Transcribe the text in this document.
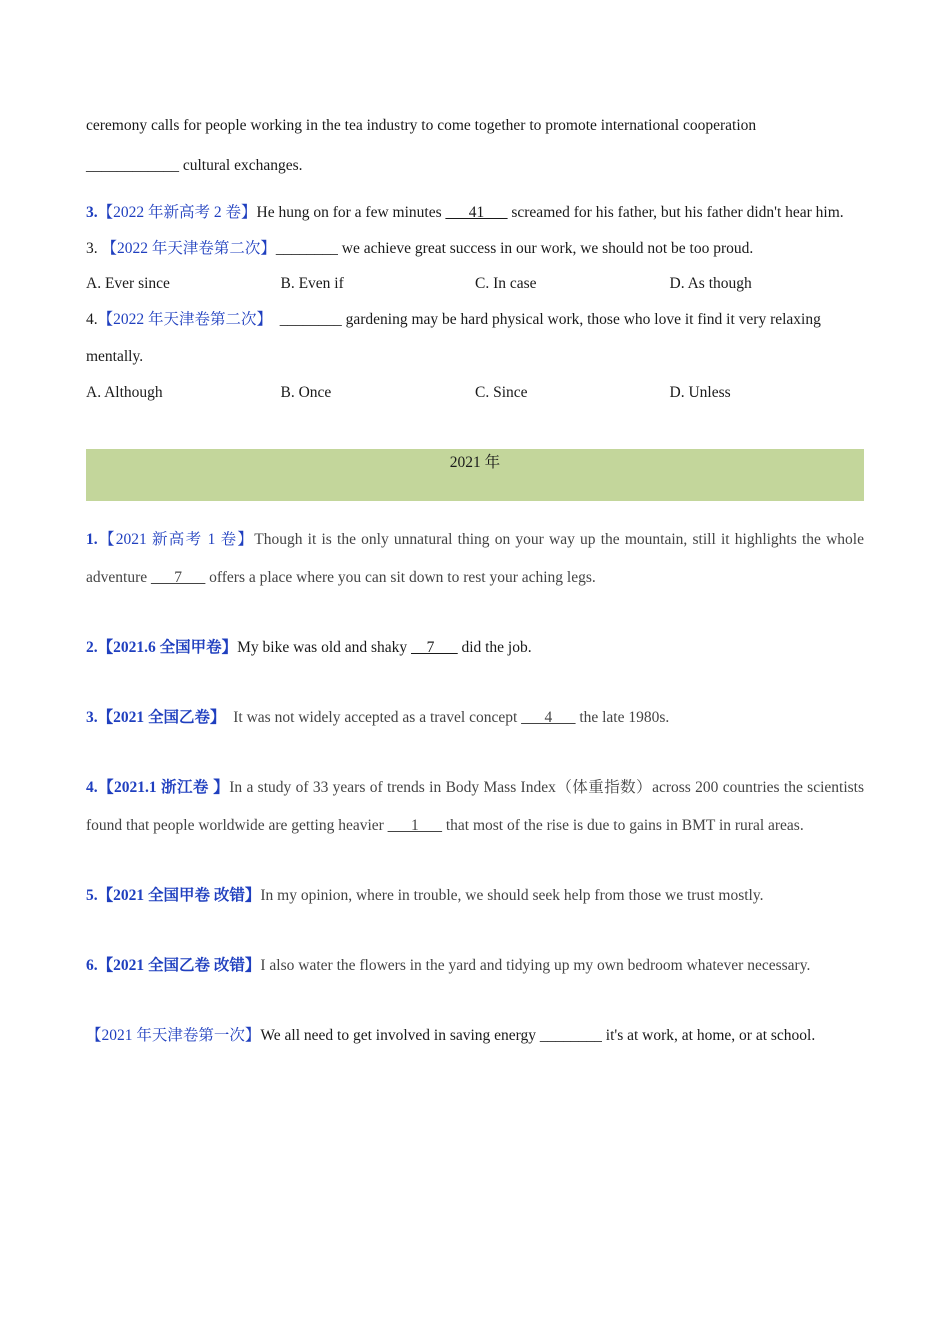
ceremony calls for people working in the tea industry to come together to promote international cooperation

____________ cultural exchanges.

3.【2022 年新高考 2 卷】He hung on for a few minutes ___41___ screamed for his father, but his father didn't hear him.

3. 【2022 年天津卷第二次】________ we achieve great success in our work, we should not be too proud.

A. Ever since	B. Even if	C. In case	D. As though

4.【2022 年天津卷第二次】  ________ gardening may be hard physical work, those who love it find it very relaxing mentally.

A. Although	B. Once	C. Since	D. Unless
2021 年

1.【2021 新高考 1 卷】Though it is the only unnatural thing on your way up the mountain, still it highlights the whole adventure ___7___ offers a place where you can sit down to rest your aching legs.

2.【2021.6 全国甲卷】My bike was old and shaky __7___ did the job.

3.【2021 全国乙卷】  It was not widely accepted as a travel concept ___4___ the late 1980s.

4.【2021.1 浙江卷 】In a study of 33 years of trends in Body Mass Index（体重指数）across 200 countries the scientists found that people worldwide are getting heavier ___1___ that most of the rise is due to gains in BMT in rural areas.

5.【2021 全国甲卷 改错】In my opinion, where in trouble, we should seek help from those we trust mostly.

6.【2021 全国乙卷 改错】I also water the flowers in the yard and tidying up my own bedroom whatever necessary.

【2021 年天津卷第一次】We all need to get involved in saving energy ________ it's at work, at home, or at school.
